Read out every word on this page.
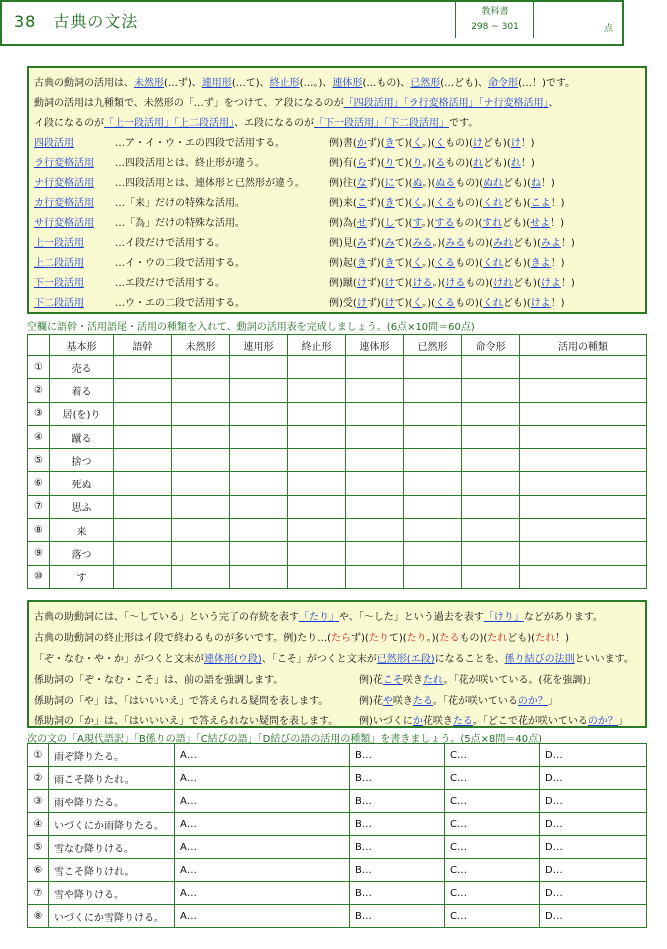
38　古典の文法	教科書
298 ~ 301	点
古典の動詞の活用は、未然形(…ず)、連用形(…て)、終止形(…。)、連体形(…もの)、已然形(…ども)、命令形(…！)です。
動詞の活用は九種類で、未然形の「…ず」をつけて、ア段になるのが「四段活用」「ラ行変格活用」「ナ行変格活用」、
イ段になるのが「上一段活用」「上二段活用」、エ段になるのが「下一段活用」「下二段活用」です。
四段活用	…ア・イ・ウ・エの四段で活用する。	例)書(かず)(きて)(く。)(くもの)(けども)(け！)
ラ行変格活用 …四段活用とは、終止形が違う。	例)有(らず)(りて)(り。)(るもの)(れども)(れ！)
ナ行変格活用 …四段活用とは、連体形と已然形が違う。 例)往(なず)(にて)(ぬ。)(ぬるもの)(ぬれども)(ね！)
カ行変格活用 …「来」だけの特殊な活用。	例)来(こず)(きて)(く。)(くるもの)(くれども)(こよ！)
サ行変格活用 …「為」だけの特殊な活用。	例)為(せず)(して)(す。)(するもの)(すれども)(せよ！)
上一段活用	…イ段だけで活用する。	例)見(みず)(みて)(みる。)(みるもの)(みれども)(みよ！)
上二段活用	…イ・ウの二段で活用する。	例)起(きず)(きて)(く。)(くるもの)(くれども)(きよ！)
下一段活用	…エ段だけで活用する。	例)蹴(けず)(けて)(ける。)(けるもの)(けれども)(けよ！)
下二段活用	…ウ・エの二段で活用する。	例)受(けず)(けて)(く。)(くるもの)(くれども)(けよ！)
空欄に語幹・活用語尾・活用の種類を入れて、動詞の活用表を完成しましょう。(6点×10問＝60点)
	基本形	語幹	未然形	連用形	終止形	連体形	已然形	命令形	活用の種類
①	売る								
②	着る								
③	居(を)り								
④	蹴る								
⑤	捨つ								
⑥	死ぬ								
⑦	思ふ								
⑧	来								
⑨	落つ								
⑩	す								
古典の助動詞には、「～している」という完了の存続を表す「たり」や、「～した」という過去を表す「けり」などがあります。
古典の助動詞の終止形はイ段で終わるものが多いです。例)たり…(たらず)(たりて)(たり。)(たるもの)(たれども)(たれ！)
「ぞ・なむ・や・か」がつくと文末が連体形(ウ段)、「こそ」がつくと文末が已然形(エ段)になることを、係り結びの法則といいます。
係助詞の「ぞ・なむ・こそ」は、前の語を強調します。	例)花こそ咲きたれ。「花が咲いている。(花を強調)」
係助詞の「や」は、「はいいいえ」で答えられる疑問を表します。	例)花や咲きたる。「花が咲いているのか？」
係助詞の「か」は、「はいいいえ」で答えられない疑問を表します。 例)いづくにか花咲きたる。「どこで花が咲いているのか？」
次の文の「A現代語訳」「B係りの語」「C結びの語」「D結びの語の活用の種類」を書きましょう。(5点×8問＝40点)
①	雨ぞ降りたる。	A…	B…	C…	D…
②	雨こそ降りたれ。	A…	B…	C…	D…
③	雨や降りたる。	A…	B…	C…	D…
④	いづくにか雨降りたる。	A…	B…	C…	D…
⑤	雪なむ降りける。	A…	B…	C…	D…
⑥	雪こそ降りけれ。	A…	B…	C…	D…
⑦	雪や降りける。	A…	B…	C…	D…
⑧	いづくにか雪降りける。	A…	B…	C…	D…
